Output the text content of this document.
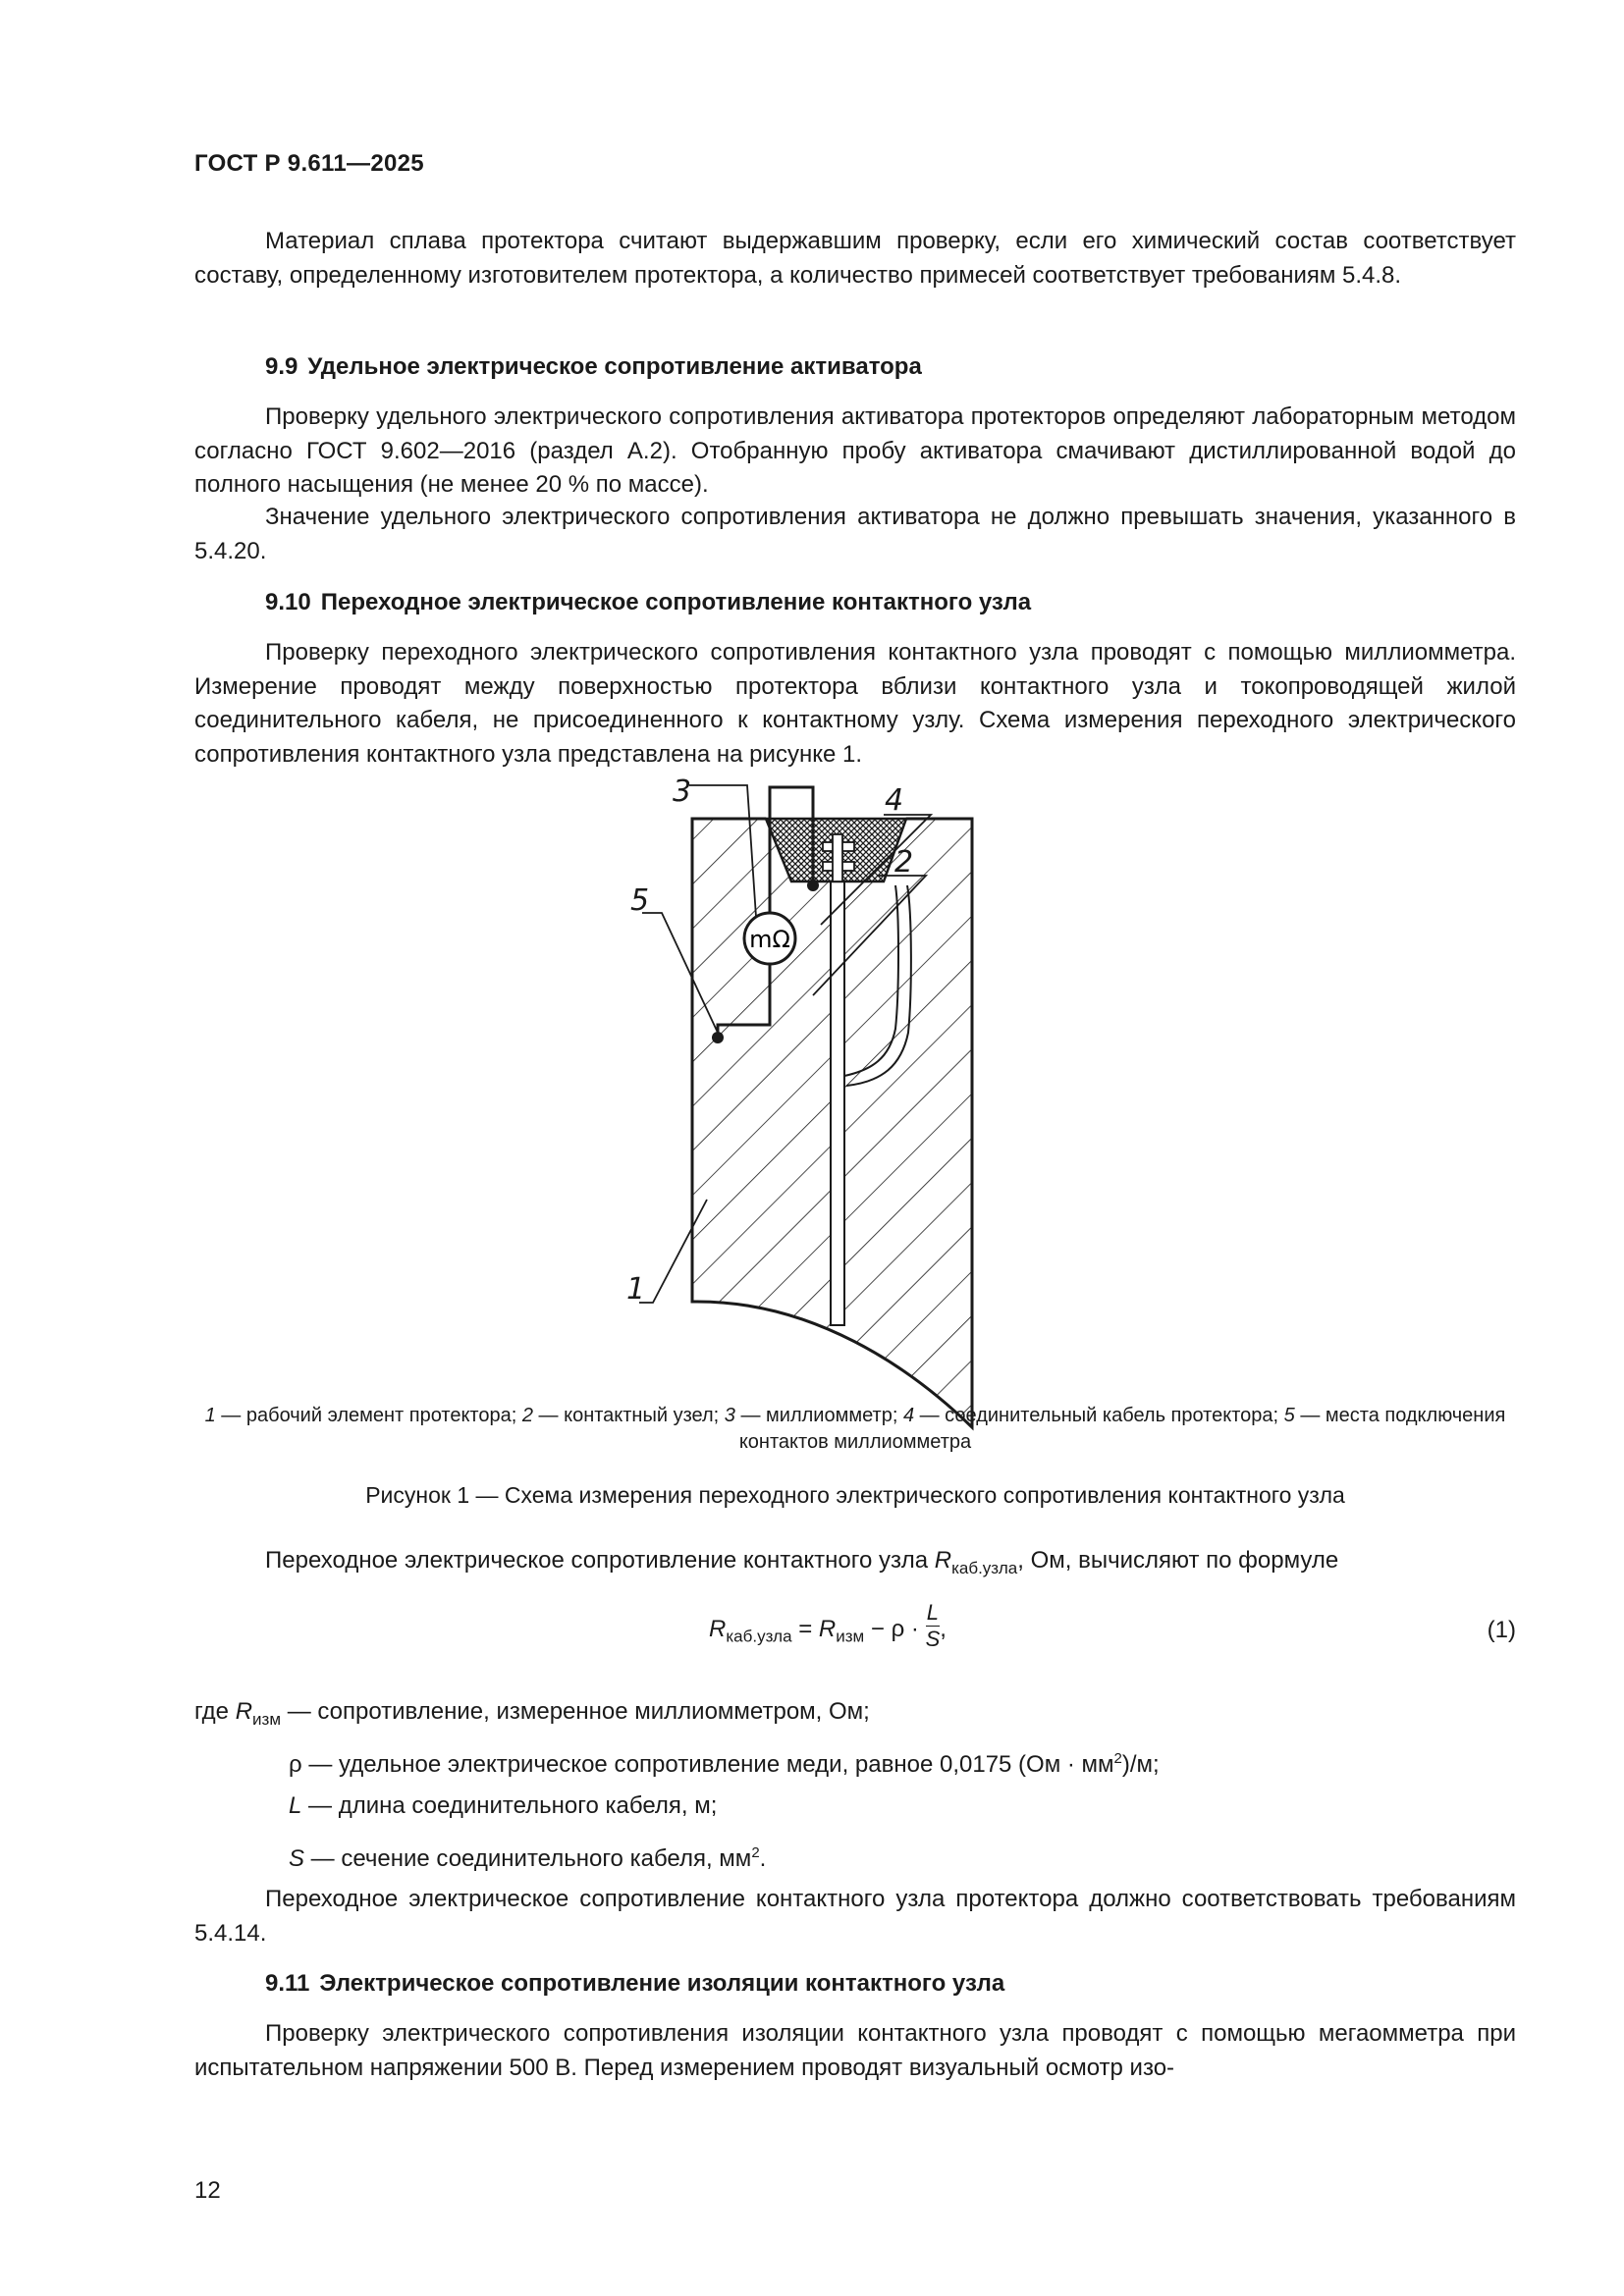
ГОСТ Р 9.611—2025
Материал сплава протектора считают выдержавшим проверку, если его химический состав соответствует составу, определенному изготовителем протектора, а количество примесей соответствует требованиям 5.4.8.
9.9 Удельное электрическое сопротивление активатора
Проверку удельного электрического сопротивления активатора протекторов определяют лабораторным методом согласно ГОСТ 9.602—2016 (раздел А.2). Отобранную пробу активатора смачивают дистиллированной водой до полного насыщения (не менее 20 % по массе).
Значение удельного электрического сопротивления активатора не должно превышать значения, указанного в 5.4.20.
9.10 Переходное электрическое сопротивление контактного узла
Проверку переходного электрического сопротивления контактного узла проводят с помощью миллиомметра. Измерение проводят между поверхностью протектора вблизи контактного узла и токопроводящей жилой соединительного кабеля, не присоединенного к контактному узлу. Схема измерения переходного электрического сопротивления контактного узла представлена на рисунке 1.
mΩ
3	4
2
5
1
1 — рабочий элемент протектора; 2 — контактный узел; 3 — миллиомметр; 4 — соединительный кабель протектора; 5 — места подключения контактов миллиомметра
Рисунок 1 — Схема измерения переходного электрического сопротивления контактного узла
Переходное электрическое сопротивление контактного узла $R_{каб.узла}$, Ом, вычисляют по формуле
$R_{каб.узла} = R_{изм} - \rho \cdot \frac{L}{S}$ ,	(1)
где $R_{изм}$ — сопротивление, измеренное миллиомметром, Ом;
ρ — удельное электрическое сопротивление меди, равное 0,0175 $(Ом \cdot мм^2)/м$;
L — длина соединительного кабеля, м;
S — сечение соединительного кабеля, $мм^2$.
Переходное электрическое сопротивление контактного узла протектора должно соответствовать требованиям 5.4.14.
9.11 Электрическое сопротивление изоляции контактного узла
Проверку электрического сопротивления изоляции контактного узла проводят с помощью мегаомметра при испытательном напряжении 500 В. Перед измерением проводят визуальный осмотр изо-
12
